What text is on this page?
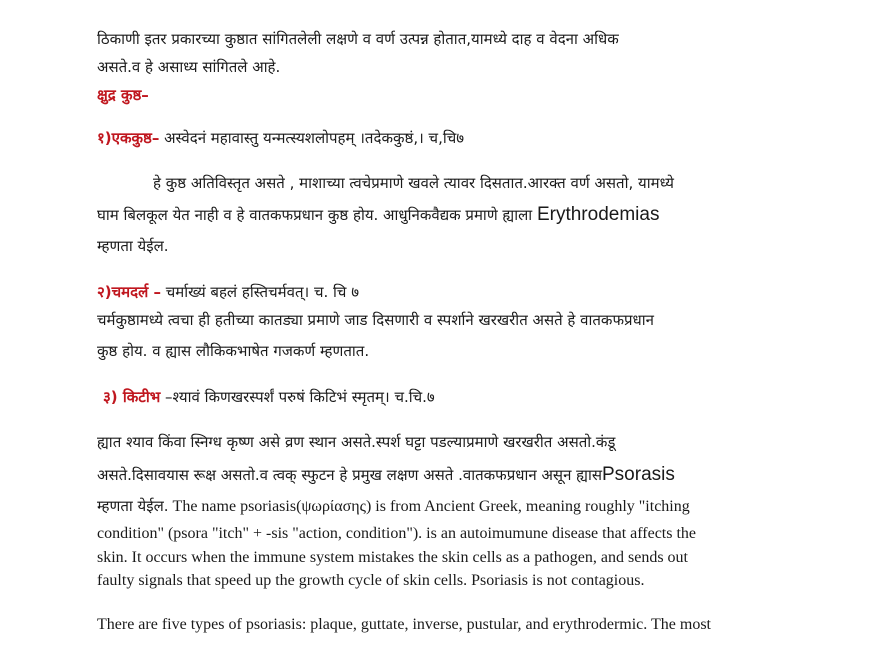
ठिकाणी इतर प्रकारच्या कुष्ठात सांगितलेली लक्षणे व वर्ण उत्पन्न होतात,यामध्ये दाह व वेदना अधिक
असते.व हे असाध्य सांगितले आहे.
क्षुद्र कुष्ठ–
१)एककुष्ठ– अस्वेदनं महावास्तु यन्मत्स्यशलोपहम् ।तदेककुष्ठं,। च,चि७
हे कुष्ठ अतिविस्तृत असते , माशाच्या त्वचेप्रमाणे खवले त्यावर दिसतात.आरक्त वर्ण असतो, यामध्ये
घाम बिलकूल येत नाही व हे वातकफप्रधान कुष्ठ होय. आधुनिकवैद्यक प्रमाणे ह्याला Erythrodemias
म्हणता येईल.
२)चमदर्ल – चर्माख्यं बहलं हस्तिचर्मवत्। च. चि ७
चर्मकुष्ठामध्ये त्वचा ही हतीच्या कातड्या प्रमाणे जाड दिसणारी व स्पर्शाने खरखरीत असते हे वातकफप्रधान
कुष्ठ होय. व ह्यास लौकिकभाषेत गजकर्ण म्हणतात.
३) किटीभ –श्यावं किणखरस्पर्शं परुषं किटिभं स्मृतम्। च.चि.७
ह्यात श्याव किंवा स्निग्ध कृष्ण असे व्रण स्थान असते.स्पर्श घट्टा पडल्याप्रमाणे खरखरीत असतो.कंडू
असते.दिसावयास रूक्ष असतो.व त्वक् स्फुटन हे प्रमुख लक्षण असते .वातकफप्रधान असून ह्यासPsorasis
म्हणता येईल. The name psoriasis(ψωρίασης) is from Ancient Greek, meaning roughly "itching
condition" (psora "itch" + -sis "action, condition"). is an autoimumune disease that affects the
skin. It occurs when the immune system mistakes the skin cells as a pathogen, and sends out
faulty signals that speed up the growth cycle of skin cells. Psoriasis is not contagious.
There are five types of psoriasis: plaque, guttate, inverse, pustular, and erythrodermic. The most
